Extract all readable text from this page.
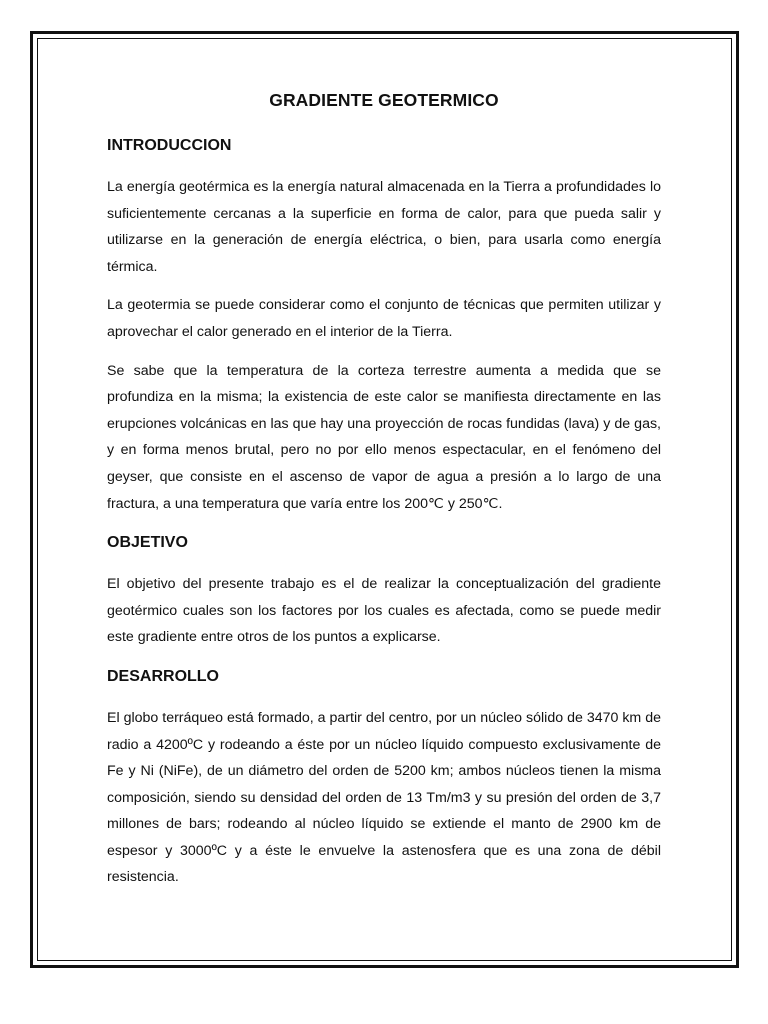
GRADIENTE GEOTERMICO
INTRODUCCION

La energía geotérmica es la energía natural almacenada en la Tierra a profundidades lo suficientemente cercanas a la superficie en forma de calor, para que pueda salir y utilizarse en la generación de energía eléctrica, o bien, para usarla como energía térmica.

La geotermia se puede considerar como el conjunto de técnicas que permiten utilizar y aprovechar el calor generado en el interior de la Tierra.

Se sabe que la temperatura de la corteza terrestre aumenta a medida que se profundiza en la misma; la existencia de este calor se manifiesta directamente en las erupciones volcánicas en las que hay una proyección de rocas fundidas (lava) y de gas, y en forma menos brutal, pero no por ello menos espectacular, en el fenómeno del geyser, que consiste en el ascenso de vapor de agua a presión a lo largo de una fractura, a una temperatura que varía entre los 200℃ y 250℃.

OBJETIVO

El objetivo del presente trabajo es el de realizar la conceptualización del gradiente geotérmico cuales son los factores por los cuales es afectada, como se puede medir este gradiente entre otros de los puntos a explicarse.

DESARROLLO

El globo terráqueo está formado, a partir del centro, por un núcleo sólido de 3470 km de radio a 4200ºC y rodeando a éste por un núcleo líquido compuesto exclusivamente de Fe y Ni (NiFe), de un diámetro del orden de 5200 km; ambos núcleos tienen la misma composición, siendo su densidad del orden de 13 Tm/m3 y su presión del orden de 3,7 millones de bars; rodeando al núcleo líquido se extiende el manto de 2900 km de espesor y 3000ºC y a éste le envuelve la astenosfera que es una zona de débil resistencia.
